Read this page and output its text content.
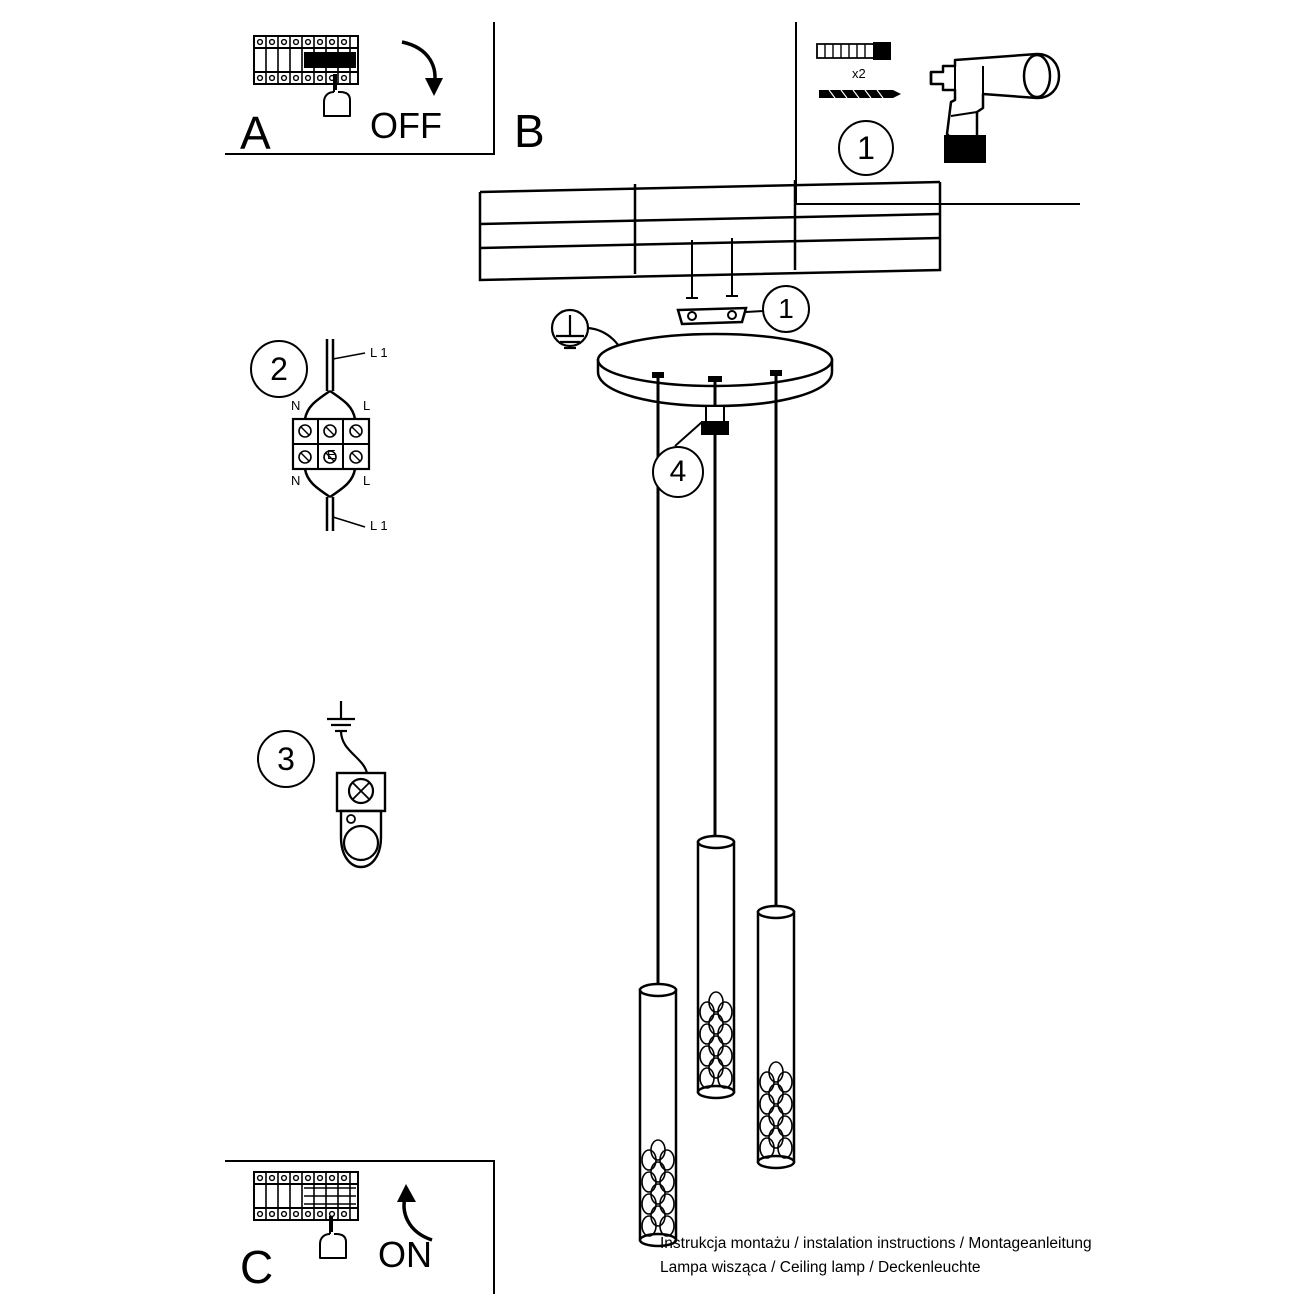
A	OFF B
x2
1
1
4
2	L 1
L 1
N	L
N	L
E
3
C	ON	Instrukcja montażu / instalation instructions / Montageanleitung
Lampa wisząca / Ceiling lamp / Deckenleuchte
